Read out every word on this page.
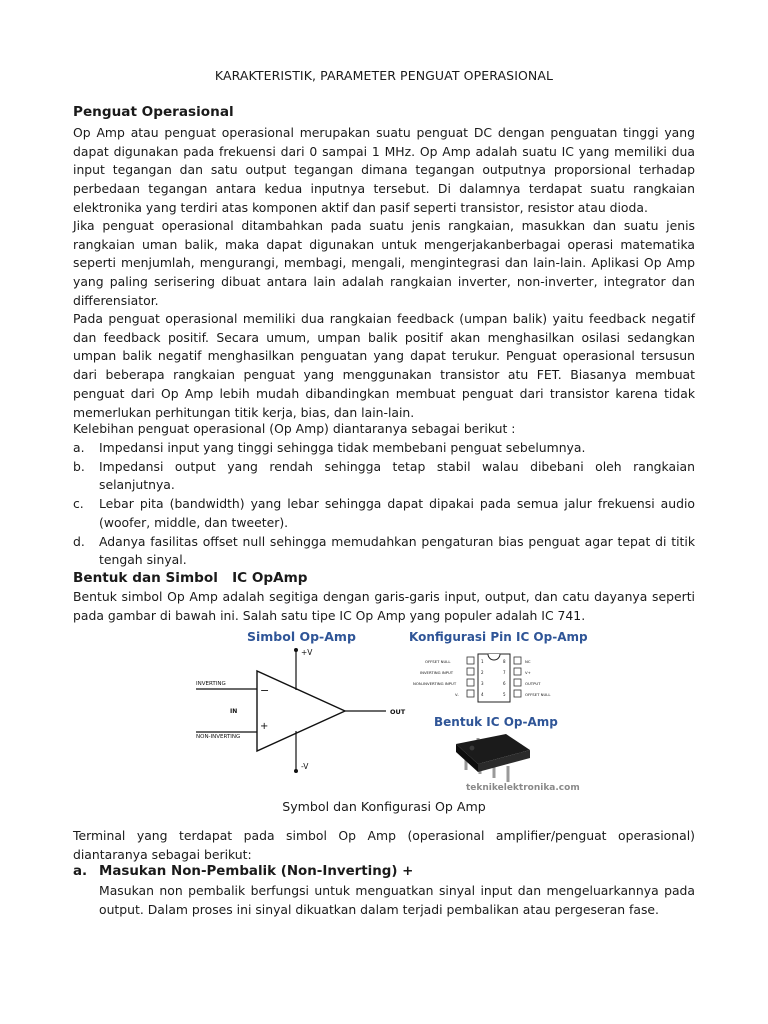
KARAKTERISTIK, PARAMETER PENGUAT OPERASIONAL
Penguat Operasional
Op Amp atau penguat operasional merupakan suatu penguat DC dengan penguatan tinggi yang dapat digunakan pada frekuensi dari 0 sampai 1 MHz. Op Amp adalah suatu IC yang memiliki dua input tegangan dan satu output tegangan dimana tegangan outputnya proporsional terhadap perbedaan tegangan antara kedua inputnya tersebut. Di dalamnya terdapat suatu rangkaian elektronika yang terdiri atas komponen aktif dan pasif seperti transistor, resistor atau dioda.
Jika penguat operasional ditambahkan pada suatu jenis rangkaian, masukkan dan suatu jenis rangkaian uman balik, maka dapat digunakan untuk mengerjakanberbagai operasi matematika seperti menjumlah, mengurangi, membagi, mengali, mengintegrasi dan lain-lain. Aplikasi Op Amp yang paling serisering dibuat antara lain adalah rangkaian inverter, non-inverter, integrator dan differensiator.
Pada penguat operasional memiliki dua rangkaian feedback (umpan balik) yaitu feedback negatif dan feedback positif. Secara umum, umpan balik positif akan menghasilkan osilasi sedangkan umpan balik negatif menghasilkan penguatan yang dapat terukur. Penguat operasional tersusun dari beberapa rangkaian penguat yang menggunakan transistor atu FET. Biasanya membuat penguat dari Op Amp lebih mudah dibandingkan membuat penguat dari transistor karena tidak memerlukan perhitungan titik kerja, bias, dan lain-lain.
Kelebihan penguat operasional (Op Amp) diantaranya sebagai berikut :
a.	Impedansi input yang tinggi sehingga tidak membebani penguat sebelumnya.
b.	Impedansi output yang rendah sehingga tetap stabil walau dibebani oleh rangkaian selanjutnya.
c.	Lebar pita (bandwidth) yang lebar sehingga dapat dipakai pada semua jalur frekuensi audio (woofer, middle, dan tweeter).
d.	Adanya fasilitas offset null sehingga memudahkan pengaturan bias penguat agar tepat di titik tengah sinyal.
Bentuk dan Simbol   IC OpAmp
Bentuk simbol Op Amp adalah segitiga dengan garis-garis input, output, dan catu dayanya seperti pada gambar di bawah ini. Salah satu tipe IC Op Amp yang populer adalah IC 741.
Simbol Op-Amp
+V
-V
INVERTING
NON-INVERTING
−
+
IN	OUT
Konfigurasi Pin IC Op-Amp
OFFSET NULL
INVERTING INPUT
NON-INVERTING INPUT
V-
1
2
3
4
NC
V+
OUTPUT
OFFSET NULL
8
7
6
5
Bentuk IC Op-Amp
teknikelektronika.com
Symbol dan Konfigurasi Op Amp
Terminal yang terdapat pada simbol Op Amp (operasional amplifier/penguat operasional) diantaranya sebagai berikut:
a. Masukan Non-Pembalik (Non-Inverting) +
Masukan non pembalik berfungsi untuk menguatkan sinyal input dan mengeluarkannya pada output. Dalam proses ini sinyal dikuatkan dalam terjadi pembalikan atau pergeseran fase.
